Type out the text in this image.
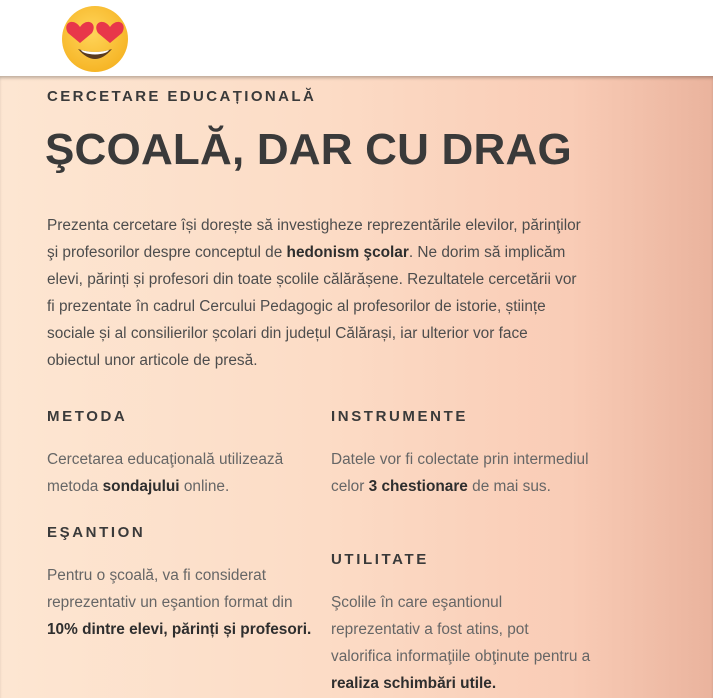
CERCETARE EDUCAȚIONALĂ
ŞCOALĂ, DAR CU DRAG

Prezenta cercetare își dorește să investigheze reprezentările elevilor, părinţilor şi profesorilor despre conceptul de hedonism şcolar. Ne dorim să implicăm elevi, părinți și profesori din toate școlile călărășene. Rezultatele cercetării vor fi prezentate în cadrul Cercului Pedagogic al profesorilor de istorie, științe sociale și al consilierilor școlari din județul Călărași, iar ulterior vor face obiectul unor articole de presă.

METODA

Cercetarea educaţională utilizează metoda sondajului online.

EŞANTION

Pentru o şcoală, va fi considerat reprezentativ un eşantion format din 10% dintre elevi, părinți și profesori.

INSTRUMENTE

Datele vor fi colectate prin intermediul celor 3 chestionare de mai sus.

UTILITATE

Şcolile în care eşantionul reprezentativ a fost atins, pot valorifica informaţiile obţinute pentru a realiza schimbări utile.
